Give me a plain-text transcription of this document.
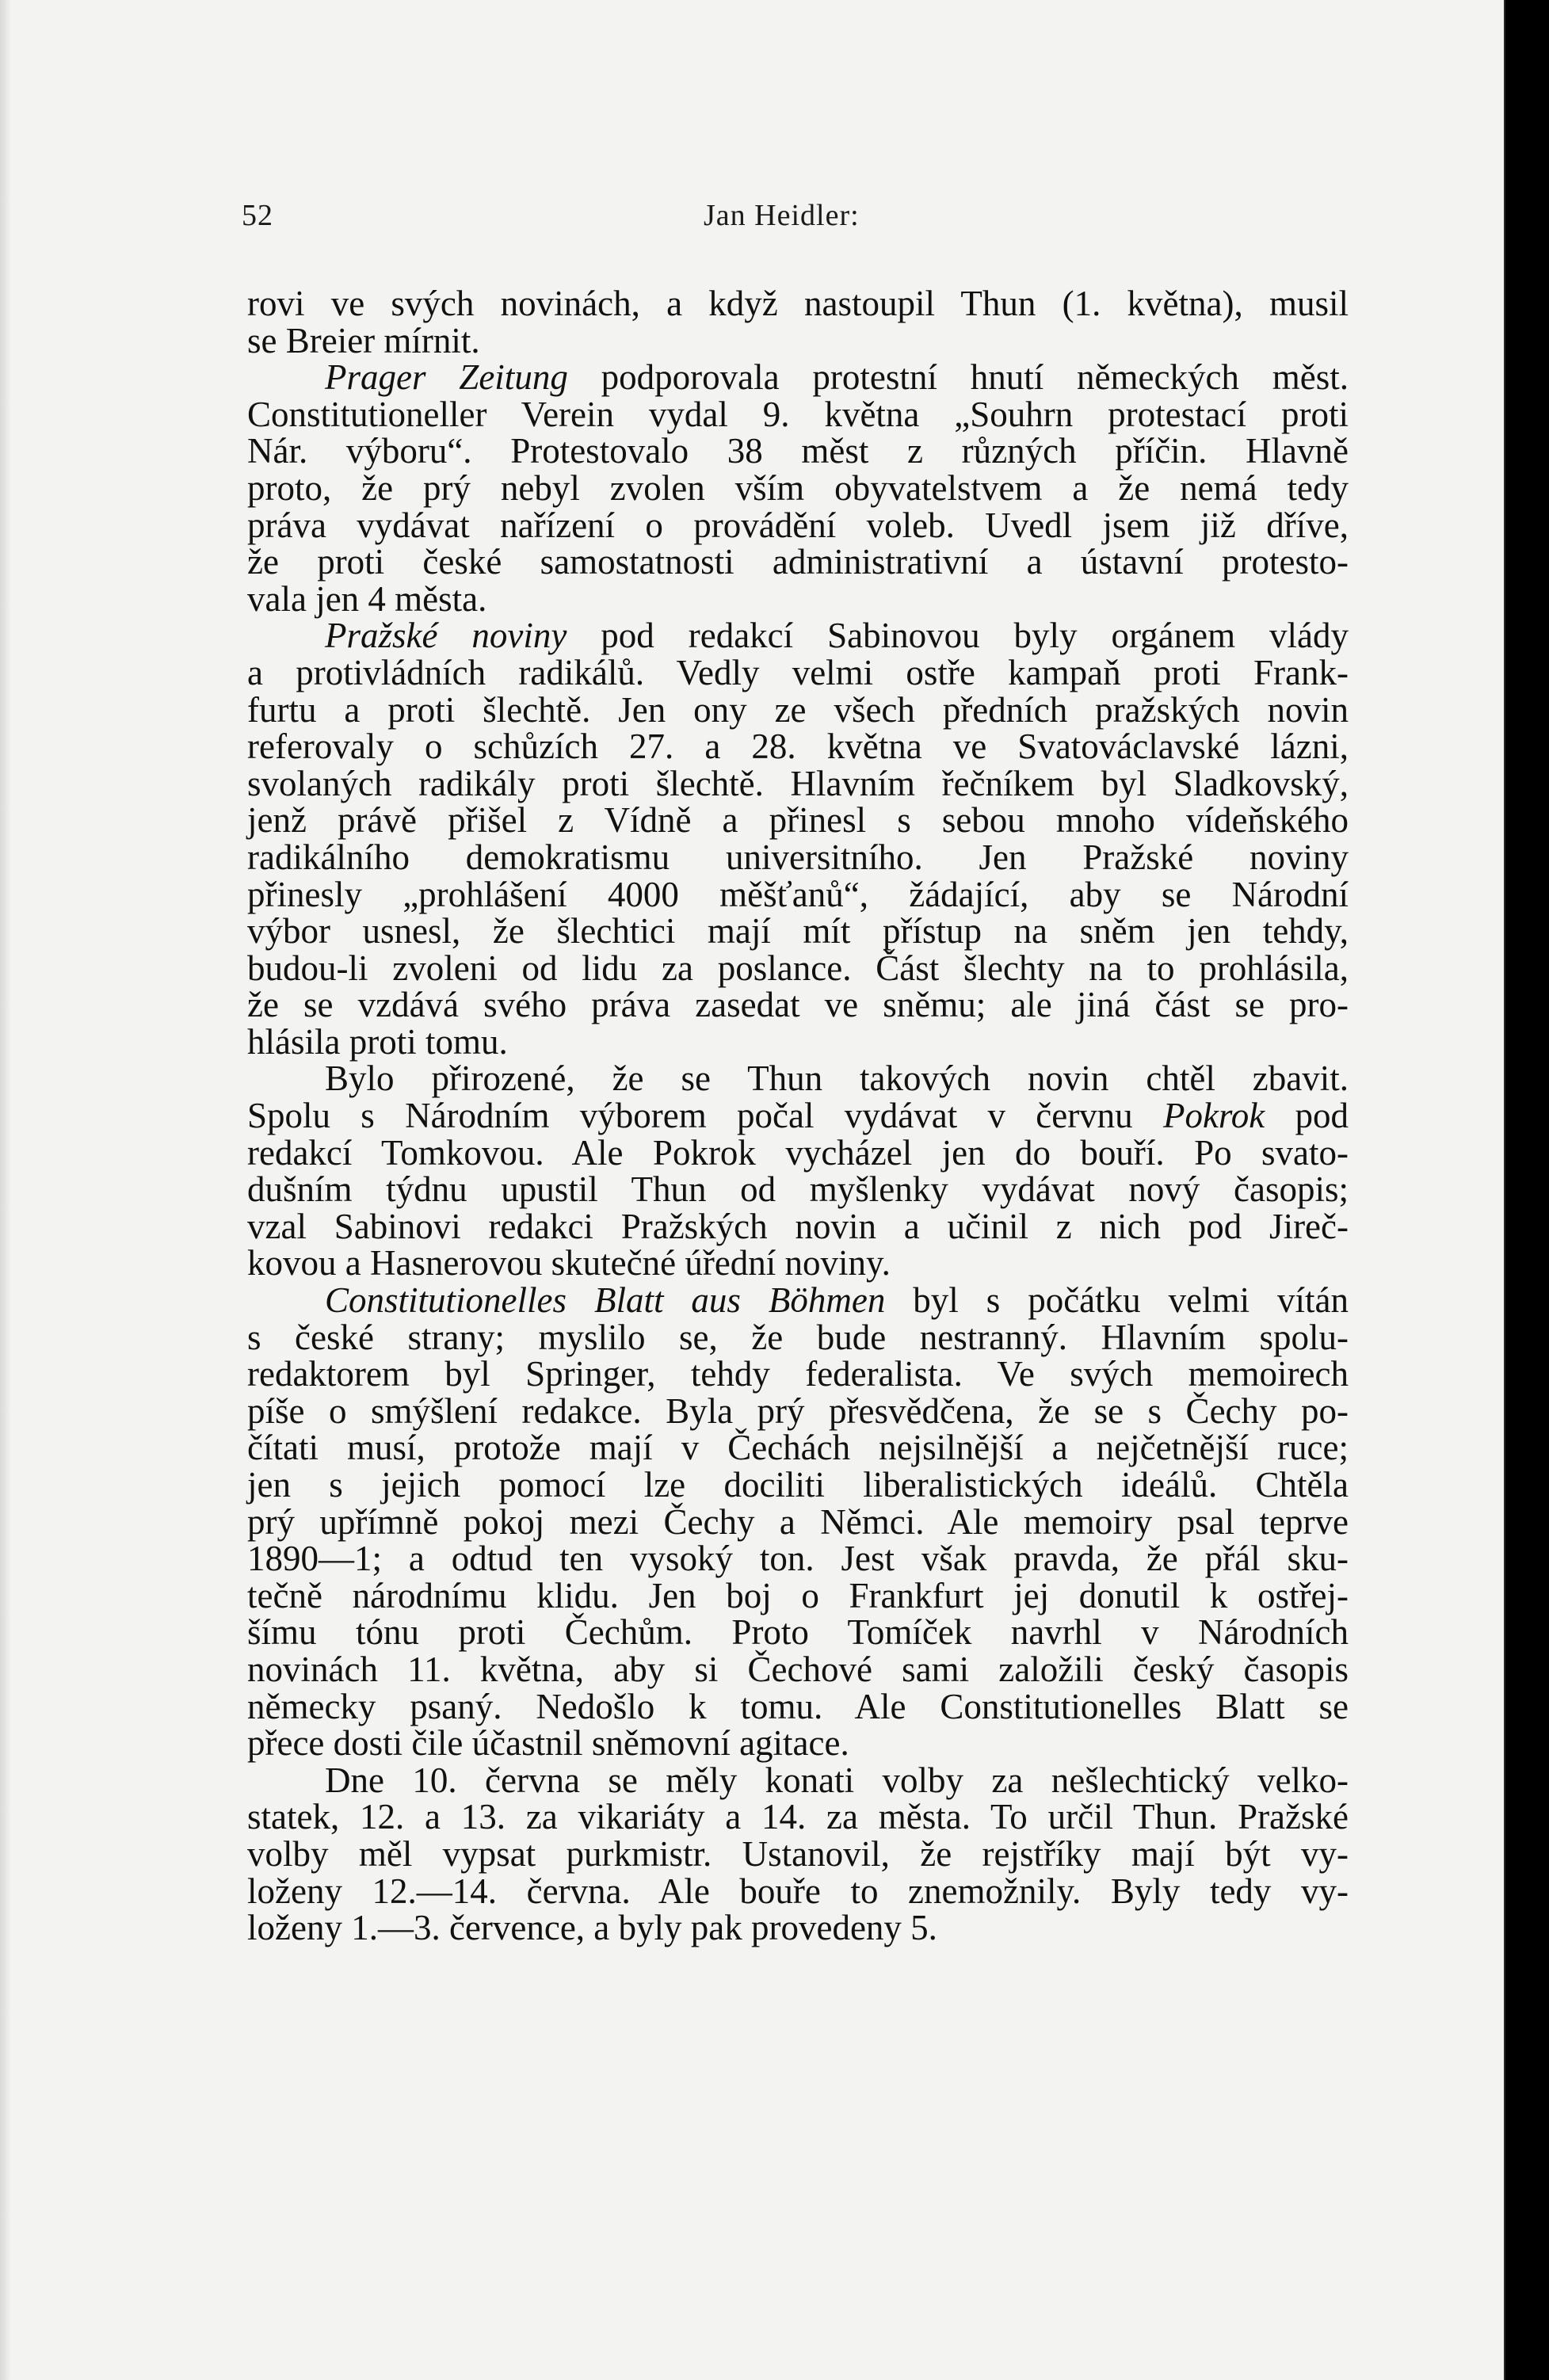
52	Jan Heidler:
rovi ve svých novinách, a když nastoupil Thun (1. května), musil
se Breier mírnit.
Prager Zeitung podporovala protestní hnutí německých měst.
Constitutioneller Verein vydal 9. května „Souhrn protestací proti
Nár. výboru“. Protestovalo 38 měst z různých příčin. Hlavně
proto, že prý nebyl zvolen vším obyvatelstvem a že nemá tedy
práva vydávat nařízení o provádění voleb. Uvedl jsem již dříve,
že proti české samostatnosti administrativní a ústavní protesto-
vala jen 4 města.
Pražské noviny pod redakcí Sabinovou byly orgánem vlády
a protivládních radikálů. Vedly velmi ostře kampaň proti Frank-
furtu a proti šlechtě. Jen ony ze všech předních pražských novin
referovaly o schůzích 27. a 28. května ve Svatováclavské lázni,
svolaných radikály proti šlechtě. Hlavním řečníkem byl Sladkovský,
jenž právě přišel z Vídně a přinesl s sebou mnoho vídeňského
radikálního demokratismu universitního. Jen Pražské noviny
přinesly „prohlášení 4000 měšťanů“, žádající, aby se Národní
výbor usnesl, že šlechtici mají mít přístup na sněm jen tehdy,
budou-li zvoleni od lidu za poslance. Část šlechty na to prohlásila,
že se vzdává svého práva zasedat ve sněmu; ale jiná část se pro-
hlásila proti tomu.
Bylo přirozené, že se Thun takových novin chtěl zbavit.
Spolu s Národním výborem počal vydávat v červnu Pokrok pod
redakcí Tomkovou. Ale Pokrok vycházel jen do bouří. Po svato-
dušním týdnu upustil Thun od myšlenky vydávat nový časopis;
vzal Sabinovi redakci Pražských novin a učinil z nich pod Jireč-
kovou a Hasnerovou skutečné úřední noviny.
Constitutionelles Blatt aus Böhmen byl s počátku velmi vítán
s české strany; myslilo se, že bude nestranný. Hlavním spolu-
redaktorem byl Springer, tehdy federalista. Ve svých memoirech
píše o smýšlení redakce. Byla prý přesvědčena, že se s Čechy po-
čítati musí, protože mají v Čechách nejsilnější a nejčetnější ruce;
jen s jejich pomocí lze dociliti liberalistických ideálů. Chtěla
prý upřímně pokoj mezi Čechy a Němci. Ale memoiry psal teprve
1890—1; a odtud ten vysoký ton. Jest však pravda, že přál sku-
tečně národnímu klidu. Jen boj o Frankfurt jej donutil k ostřej-
šímu tónu proti Čechům. Proto Tomíček navrhl v Národních
novinách 11. května, aby si Čechové sami založili český časopis
německy psaný. Nedošlo k tomu. Ale Constitutionelles Blatt se
přece dosti čile účastnil sněmovní agitace.
Dne 10. června se měly konati volby za nešlechtický velko-
statek, 12. a 13. za vikariáty a 14. za města. To určil Thun. Pražské
volby měl vypsat purkmistr. Ustanovil, že rejstříky mají být vy-
loženy 12.—14. června. Ale bouře to znemožnily. Byly tedy vy-
loženy 1.—3. července, a byly pak provedeny 5.
